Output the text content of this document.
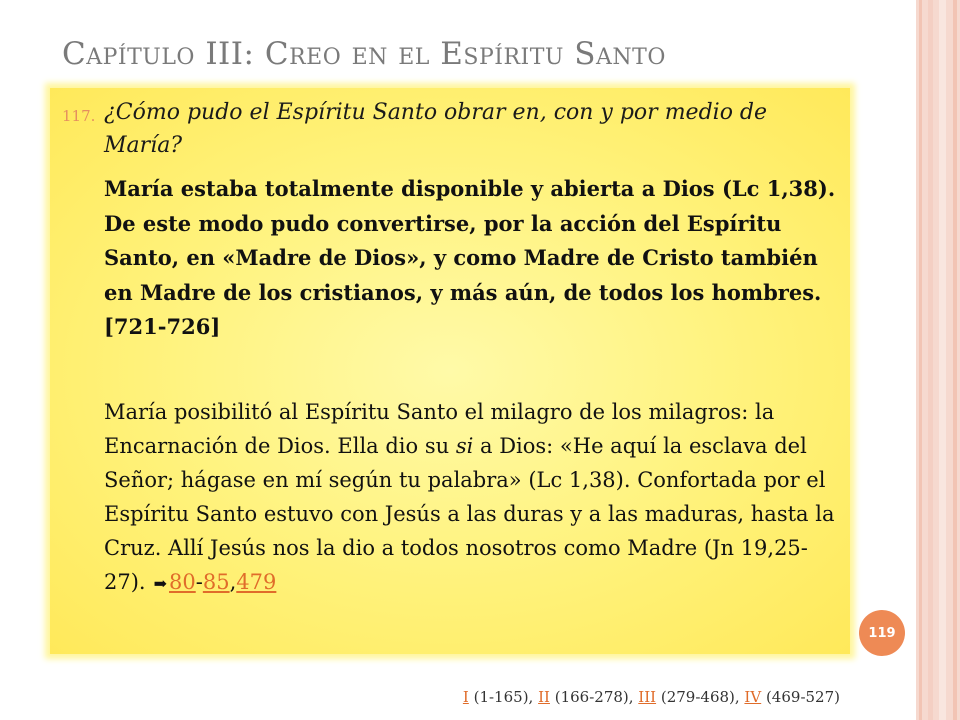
Capítulo III: Creo en el Espíritu Santo
117. ¿Cómo pudo el Espíritu Santo obrar en, con y por medio de María?
María estaba totalmente disponible y abierta a Dios (Lc 1,38). De este modo pudo convertirse, por la acción del Espíritu Santo, en «Madre de Dios», y como Madre de Cristo también en Madre de los cristianos, y más aún, de todos los hombres. [721-726]
María posibilitó al Espíritu Santo el milagro de los milagros: la Encarnación de Dios. Ella dio su si a Dios: «He aquí la esclava del Señor; hágase en mí según tu palabra» (Lc 1,38). Confortada por el Espíritu Santo estuvo con Jesús a las duras y a las maduras, hasta la Cruz. Allí Jesús nos la dio a todos nosotros como Madre (Jn 19,25-27). ➡80-85,479
119
I (1-165), II (166-278), III (279-468), IV (469-527)
